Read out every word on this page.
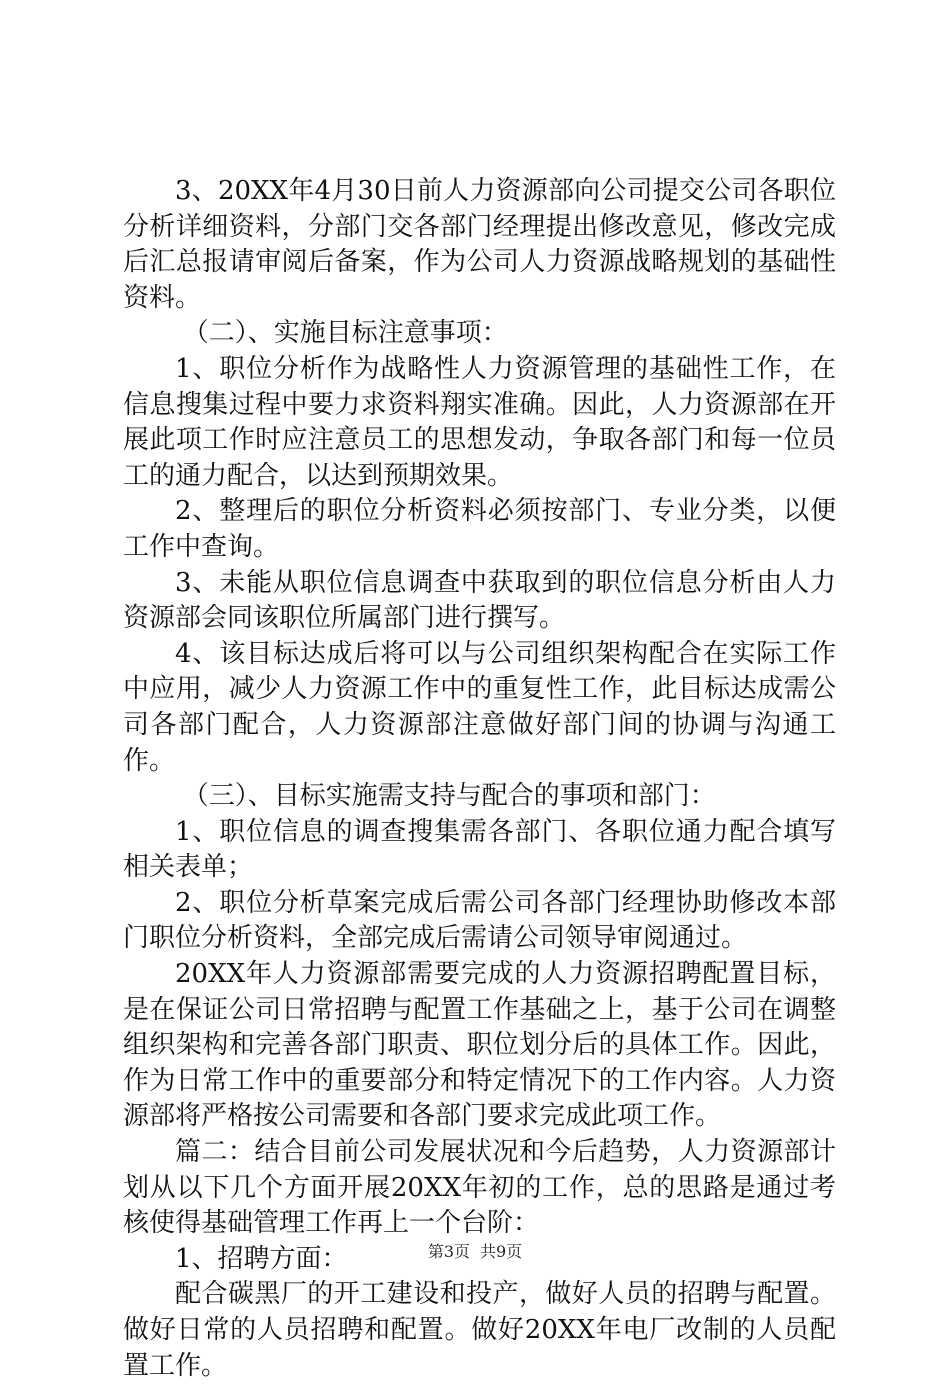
3、20XX年4月30日前人力资源部向公司提交公司各职位分析详细资料，分部门交各部门经理提出修改意见，修改完成后汇总报请审阅后备案，作为公司人力资源战略规划的基础性资料。

（二）、实施目标注意事项：

1、职位分析作为战略性人力资源管理的基础性工作，在信息搜集过程中要力求资料翔实准确。因此，人力资源部在开展此项工作时应注意员工的思想发动，争取各部门和每一位员工的通力配合，以达到预期效果。

2、整理后的职位分析资料必须按部门、专业分类，以便工作中查询。

3、未能从职位信息调查中获取到的职位信息分析由人力资源部会同该职位所属部门进行撰写。

4、该目标达成后将可以与公司组织架构配合在实际工作中应用，减少人力资源工作中的重复性工作，此目标达成需公司各部门配合，人力资源部注意做好部门间的协调与沟通工作。

（三）、目标实施需支持与配合的事项和部门：

1、职位信息的调查搜集需各部门、各职位通力配合填写相关表单；

2、职位分析草案完成后需公司各部门经理协助修改本部门职位分析资料，全部完成后需请公司领导审阅通过。

20XX年人力资源部需要完成的人力资源招聘配置目标，是在保证公司日常招聘与配置工作基础之上，基于公司在调整组织架构和完善各部门职责、职位划分后的具体工作。因此，作为日常工作中的重要部分和特定情况下的工作内容。人力资源部将严格按公司需要和各部门要求完成此项工作。

篇二：结合目前公司发展状况和今后趋势，人力资源部计划从以下几个方面开展20XX年初的工作，总的思路是通过考核使得基础管理工作再上一个台阶：

1、招聘方面：

配合碳黑厂的开工建设和投产，做好人员的招聘与配置。做好日常的人员招聘和配置。做好20XX年电厂改制的人员配置工作。

第3页 共9页
